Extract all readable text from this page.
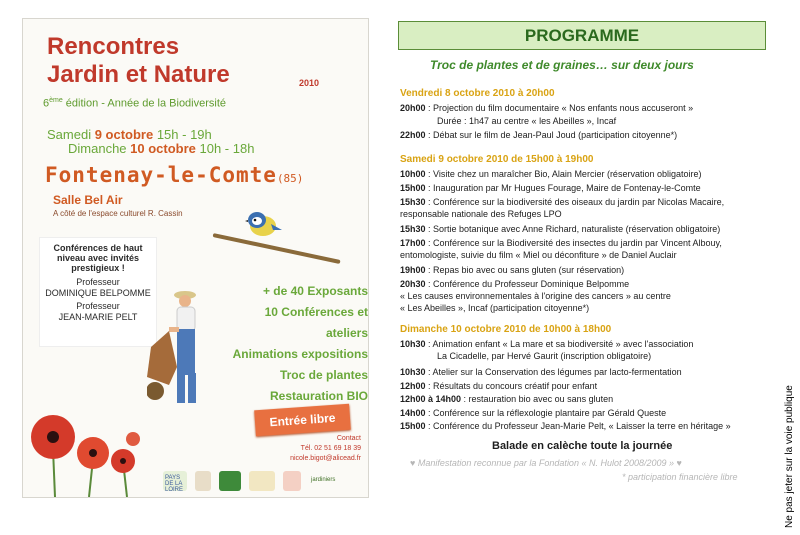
Rencontres
Jardin et Nature	2010
6ème édition - Année de la Biodiversité
Samedi 9 octobre 15h - 19h
Dimanche 10 octobre 10h - 18h
Fontenay-le-Comte(85)
Salle Bel Air
A côté de l'espace culturel R. Cassin
Conférences de haut niveau avec invités prestigieux !
Professeur
DOMINIQUE BELPOMME
Professeur
JEAN-MARIE PELT
+ de 40 Exposants
10 Conférences et ateliers
Animations expositions
Troc de plantes
Restauration BIO
Entrée libre
Contact
Tél. 02 51 69 18 39
nicole.bigot@alicead.fr
PAYS DE LA LOIRE
jardiniers
PROGRAMME
Troc de plantes et de graines… sur deux jours
Vendredi 8 octobre 2010 à 20h00
20h00 : Projection du film documentaire « Nos enfants nous accuseront »
Durée : 1h47 au centre « les Abeilles », Incaf
22h00 : Débat sur le film de Jean-Paul Joud (participation citoyenne*)
Samedi 9 octobre 2010 de 15h00 à 19h00
10h00 : Visite chez un maraîcher Bio, Alain Mercier (réservation obligatoire)
15h00 : Inauguration par Mr Hugues Fourage, Maire de Fontenay-le-Comte
15h30 : Conférence sur la biodiversité des oiseaux du jardin par Nicolas Macaire,
responsable nationale des Refuges LPO
15h30 : Sortie botanique avec Anne Richard, naturaliste (réservation obligatoire)
17h00 : Conférence sur la Biodiversité des insectes du jardin par Vincent Albouy,
entomologiste, suivie du film « Miel ou déconfiture » de Daniel Auclair
19h00 : Repas bio avec ou sans gluten (sur réservation)
20h30 : Conférence du Professeur Dominique Belpomme
« Les causes environnementales à l'origine des cancers » au centre
« Les Abeilles », Incaf (participation citoyenne*)
Dimanche 10 octobre 2010 de 10h00 à 18h00
10h30 : Animation enfant « La mare et sa biodiversité » avec l'association
La Cicadelle, par Hervé Gaurit (inscription obligatoire)
10h30 : Atelier sur la Conservation des légumes par lacto-fermentation
12h00 : Résultats du concours créatif pour enfant
12h00 à 14h00 : restauration bio avec ou sans gluten
14h00 : Conférence sur la réflexologie plantaire par Gérald Queste
15h00 : Conférence du Professeur Jean-Marie Pelt, « Laisser la terre en héritage »
Balade en calèche toute la journée
♥ Manifestation reconnue par la Fondation « N. Hulot 2008/2009 » ♥
* participation financière libre	Ne pas jeter sur la voie publique
